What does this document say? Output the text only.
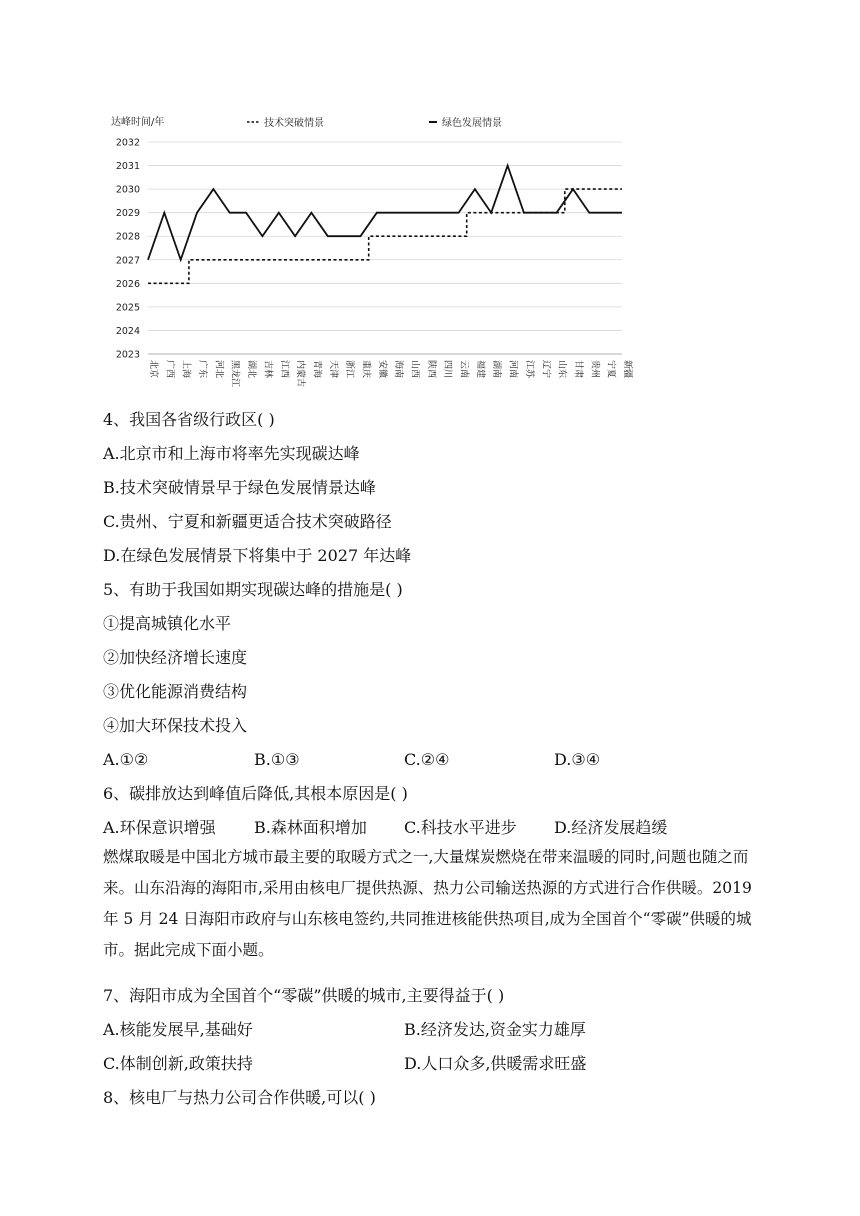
达峰时间/年	技术突破情景	绿色发展情景
2023
2024
2025
2026
2027
2028
2029
2030
2031
2032
北京 广西 上海 广东 河北 黑龙江 湖北 吉林 江西 内蒙古 青海 天津 浙江 重庆 安徽 海南 山西 陕西 四川 云南 福建 湖南 河南 江苏 辽宁 山东 甘肃 贵州 宁夏 新疆
4、我国各省级行政区( )
A.北京市和上海市将率先实现碳达峰
B.技术突破情景早于绿色发展情景达峰
C.贵州、宁夏和新疆更适合技术突破路径
D.在绿色发展情景下将集中于 2027 年达峰
5、有助于我国如期实现碳达峰的措施是( )
①提高城镇化水平
②加快经济增长速度
③优化能源消费结构
④加大环保技术投入
A.①②	B.①③	C.②④	D.③④
6、碳排放达到峰值后降低,其根本原因是( )
A.环保意识增强 B.森林面积增加 C.科技水平进步 D.经济发展趋缓

燃煤取暖是中国北方城市最主要的取暖方式之一,大量煤炭燃烧在带来温暖的同时,问题也随之而来。山东沿海的海阳市,采用由核电厂提供热源、热力公司输送热源的方式进行合作供暖。2019 年 5 月 24 日海阳市政府与山东核电签约,共同推进核能供热项目,成为全国首个“零碳”供暖的城市。据此完成下面小题。

7、海阳市成为全国首个“零碳”供暖的城市,主要得益于( )
A.核能发展早,基础好	B.经济发达,资金实力雄厚
C.体制创新,政策扶持	D.人口众多,供暖需求旺盛
8、核电厂与热力公司合作供暖,可以( )
